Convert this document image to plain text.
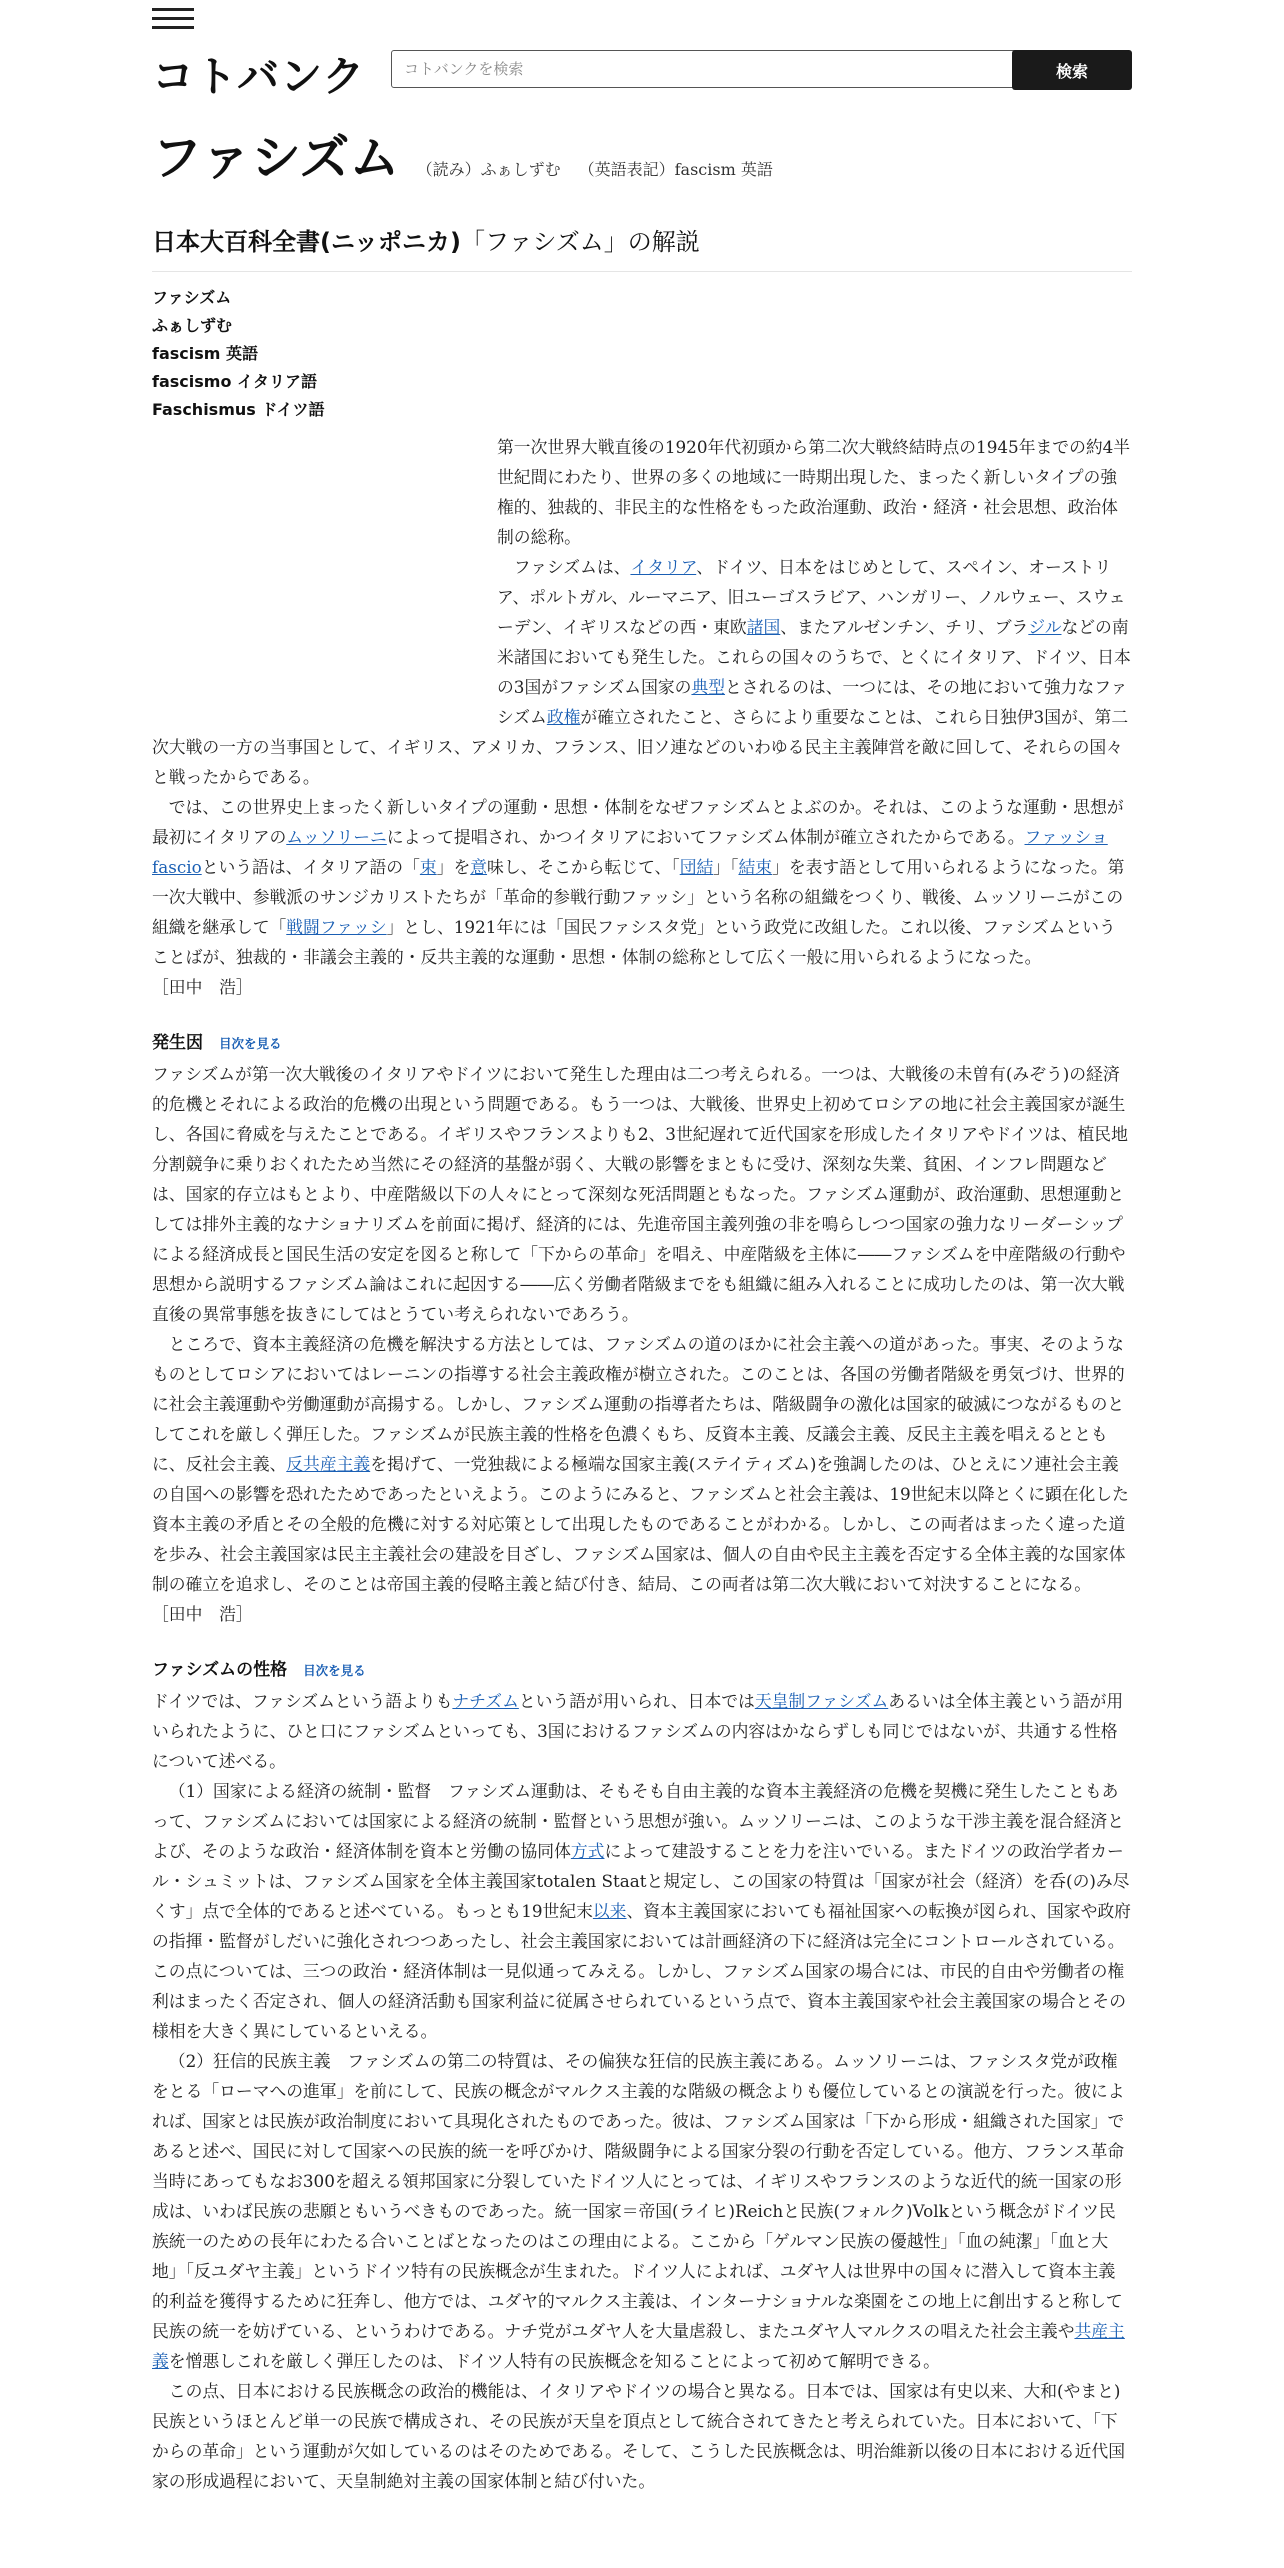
コトバンク
コトバンクを検索	検索
ファシズム （読み）ふぁしずむ （英語表記）fascism 英語
日本大百科全書(ニッポニカ)「ファシズム」の解説
ファシズム
ふぁしずむ
fascism 英語
fascismo イタリア語
Faschismus ドイツ語

第一次世界大戦直後の1920年代初頭から第二次大戦終結時点の1945年までの約4半世紀間にわたり、世界の多くの地域に一時期出現した、まったく新しいタイプの強権的、独裁的、非民主的な性格をもった政治運動、政治・経済・社会思想、政治体制の総称。

ファシズムは、イタリア、ドイツ、日本をはじめとして、スペイン、オーストリア、ポルトガル、ルーマニア、旧ユーゴスラビア、ハンガリー、ノルウェー、スウェーデン、イギリスなどの西・東欧諸国、またアルゼンチン、チリ、ブラジルなどの南米諸国においても発生した。これらの国々のうちで、とくにイタリア、ドイツ、日本の3国がファシズム国家の典型とされるのは、一つには、その地において強力なファシズム政権が確立されたこと、さらにより重要なことは、これら日独伊3国が、第二次大戦の一方の当事国として、イギリス、アメリカ、フランス、旧ソ連などのいわゆる民主主義陣営を敵に回して、それらの国々と戦ったからである。

では、この世界史上まったく新しいタイプの運動・思想・体制をなぜファシズムとよぶのか。それは、このような運動・思想が最初にイタリアのムッソリーニによって提唱され、かつイタリアにおいてファシズム体制が確立されたからである。ファッショfascioという語は、イタリア語の「束」を意味し、そこから転じて、「団結」「結束」を表す語として用いられるようになった。第一次大戦中、参戦派のサンジカリストたちが「革命的参戦行動ファッシ」という名称の組織をつくり、戦後、ムッソリーニがこの組織を継承して「戦闘ファッシ」とし、1921年には「国民ファシスタ党」という政党に改組した。これ以後、ファシズムということばが、独裁的・非議会主義的・反共主義的な運動・思想・体制の総称として広く一般に用いられるようになった。

［田中　浩］

発生因 目次を見る

ファシズムが第一次大戦後のイタリアやドイツにおいて発生した理由は二つ考えられる。一つは、大戦後の未曽有(みぞう)の経済的危機とそれによる政治的危機の出現という問題である。もう一つは、大戦後、世界史上初めてロシアの地に社会主義国家が誕生し、各国に脅威を与えたことである。イギリスやフランスよりも2、3世紀遅れて近代国家を形成したイタリアやドイツは、植民地分割競争に乗りおくれたため当然にその経済的基盤が弱く、大戦の影響をまともに受け、深刻な失業、貧困、インフレ問題などは、国家的存立はもとより、中産階級以下の人々にとって深刻な死活問題ともなった。ファシズム運動が、政治運動、思想運動としては排外主義的なナショナリズムを前面に掲げ、経済的には、先進帝国主義列強の非を鳴らしつつ国家の強力なリーダーシップによる経済成長と国民生活の安定を図ると称して「下からの革命」を唱え、中産階級を主体に――ファシズムを中産階級の行動や思想から説明するファシズム論はこれに起因する――広く労働者階級までをも組織に組み入れることに成功したのは、第一次大戦直後の異常事態を抜きにしてはとうてい考えられないであろう。

ところで、資本主義経済の危機を解決する方法としては、ファシズムの道のほかに社会主義への道があった。事実、そのようなものとしてロシアにおいてはレーニンの指導する社会主義政権が樹立された。このことは、各国の労働者階級を勇気づけ、世界的に社会主義運動や労働運動が高揚する。しかし、ファシズム運動の指導者たちは、階級闘争の激化は国家的破滅につながるものとしてこれを厳しく弾圧した。ファシズムが民族主義的性格を色濃くもち、反資本主義、反議会主義、反民主主義を唱えるとともに、反社会主義、反共産主義を掲げて、一党独裁による極端な国家主義(ステイティズム)を強調したのは、ひとえにソ連社会主義の自国への影響を恐れたためであったといえよう。このようにみると、ファシズムと社会主義は、19世紀末以降とくに顕在化した資本主義の矛盾とその全般的危機に対する対応策として出現したものであることがわかる。しかし、この両者はまったく違った道を歩み、社会主義国家は民主主義社会の建設を目ざし、ファシズム国家は、個人の自由や民主主義を否定する全体主義的な国家体制の確立を追求し、そのことは帝国主義的侵略主義と結び付き、結局、この両者は第二次大戦において対決することになる。

［田中　浩］

ファシズムの性格 目次を見る

ドイツでは、ファシズムという語よりもナチズムという語が用いられ、日本では天皇制ファシズムあるいは全体主義という語が用いられたように、ひと口にファシズムといっても、3国におけるファシズムの内容はかならずしも同じではないが、共通する性格について述べる。

（1）国家による経済の統制・監督　ファシズム運動は、そもそも自由主義的な資本主義経済の危機を契機に発生したこともあって、ファシズムにおいては国家による経済の統制・監督という思想が強い。ムッソリーニは、このような干渉主義を混合経済とよび、そのような政治・経済体制を資本と労働の協同体方式によって建設することを力を注いでいる。またドイツの政治学者カール・シュミットは、ファシズム国家を全体主義国家totalen Staatと規定し、この国家の特質は「国家が社会（経済）を呑(の)み尽くす」点で全体的であると述べている。もっとも19世紀末以来、資本主義国家においても福祉国家への転換が図られ、国家や政府の指揮・監督がしだいに強化されつつあったし、社会主義国家においては計画経済の下に経済は完全にコントロールされている。この点については、三つの政治・経済体制は一見似通ってみえる。しかし、ファシズム国家の場合には、市民的自由や労働者の権利はまったく否定され、個人の経済活動も国家利益に従属させられているという点で、資本主義国家や社会主義国家の場合とその様相を大きく異にしているといえる。

（2）狂信的民族主義　ファシズムの第二の特質は、その偏狭な狂信的民族主義にある。ムッソリーニは、ファシスタ党が政権をとる「ローマへの進軍」を前にして、民族の概念がマルクス主義的な階級の概念よりも優位しているとの演説を行った。彼によれば、国家とは民族が政治制度において具現化されたものであった。彼は、ファシズム国家は「下から形成・組織された国家」であると述べ、国民に対して国家への民族的統一を呼びかけ、階級闘争による国家分裂の行動を否定している。他方、フランス革命当時にあってもなお300を超える領邦国家に分裂していたドイツ人にとっては、イギリスやフランスのような近代的統一国家の形成は、いわば民族の悲願ともいうべきものであった。統一国家＝帝国(ライヒ)Reichと民族(フォルク)Volkという概念がドイツ民族統一のための長年にわたる合いことばとなったのはこの理由による。ここから「ゲルマン民族の優越性」「血の純潔」「血と大地」「反ユダヤ主義」というドイツ特有の民族概念が生まれた。ドイツ人によれば、ユダヤ人は世界中の国々に潜入して資本主義的利益を獲得するために狂奔し、他方では、ユダヤ的マルクス主義は、インターナショナルな楽園をこの地上に創出すると称して民族の統一を妨げている、というわけである。ナチ党がユダヤ人を大量虐殺し、またユダヤ人マルクスの唱えた社会主義や共産主義を憎悪しこれを厳しく弾圧したのは、ドイツ人特有の民族概念を知ることによって初めて解明できる。

この点、日本における民族概念の政治的機能は、イタリアやドイツの場合と異なる。日本では、国家は有史以来、大和(やまと)民族というほとんど単一の民族で構成され、その民族が天皇を頂点として統合されてきたと考えられていた。日本において、「下からの革命」という運動が欠如しているのはそのためである。そして、こうした民族概念は、明治維新以後の日本における近代国家の形成過程において、天皇制絶対主義の国家体制と結び付いた。
